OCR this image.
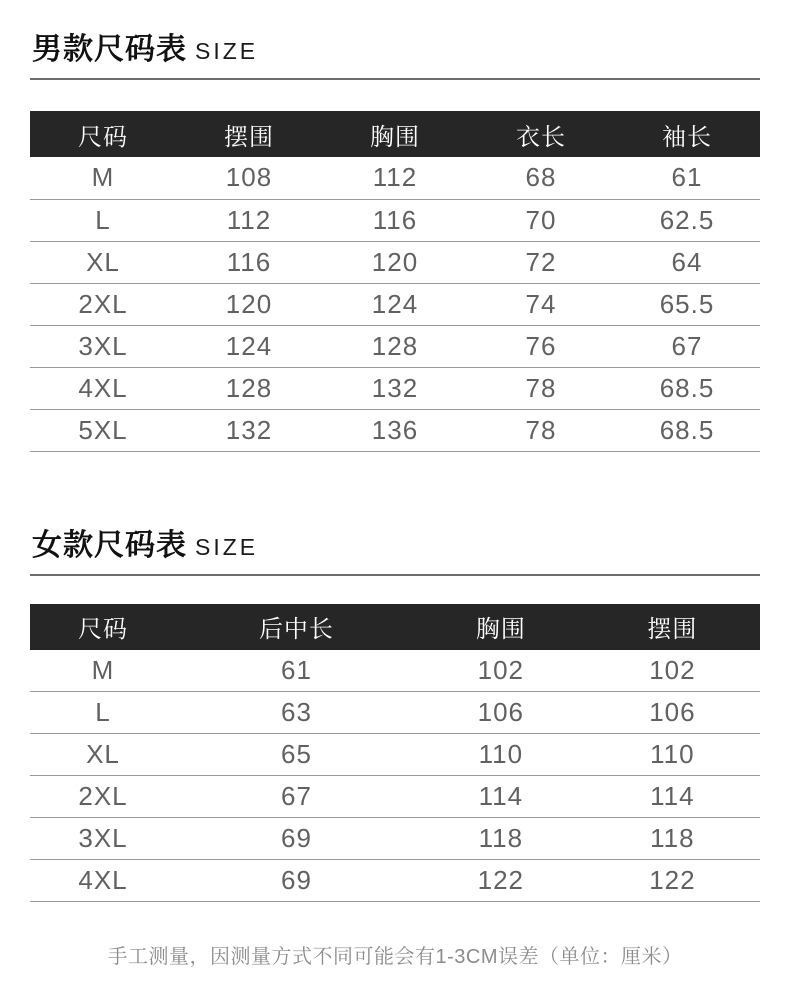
男款尺码表 SIZE
尺码	摆围	胸围	衣长	袖长
M	108	112	68	61
L	112	116	70	62.5
XL	116	120	72	64
2XL	120	124	74	65.5
3XL	124	128	76	67
4XL	128	132	78	68.5
5XL	132	136	78	68.5
女款尺码表 SIZE
尺码	后中长	胸围	摆围
M	61	102	102
L	63	106	106
XL	65	110	110
2XL	67	114	114
3XL	69	118	118
4XL	69	122	122
手工测量，因测量方式不同可能会有1-3CM误差（单位：厘米）
